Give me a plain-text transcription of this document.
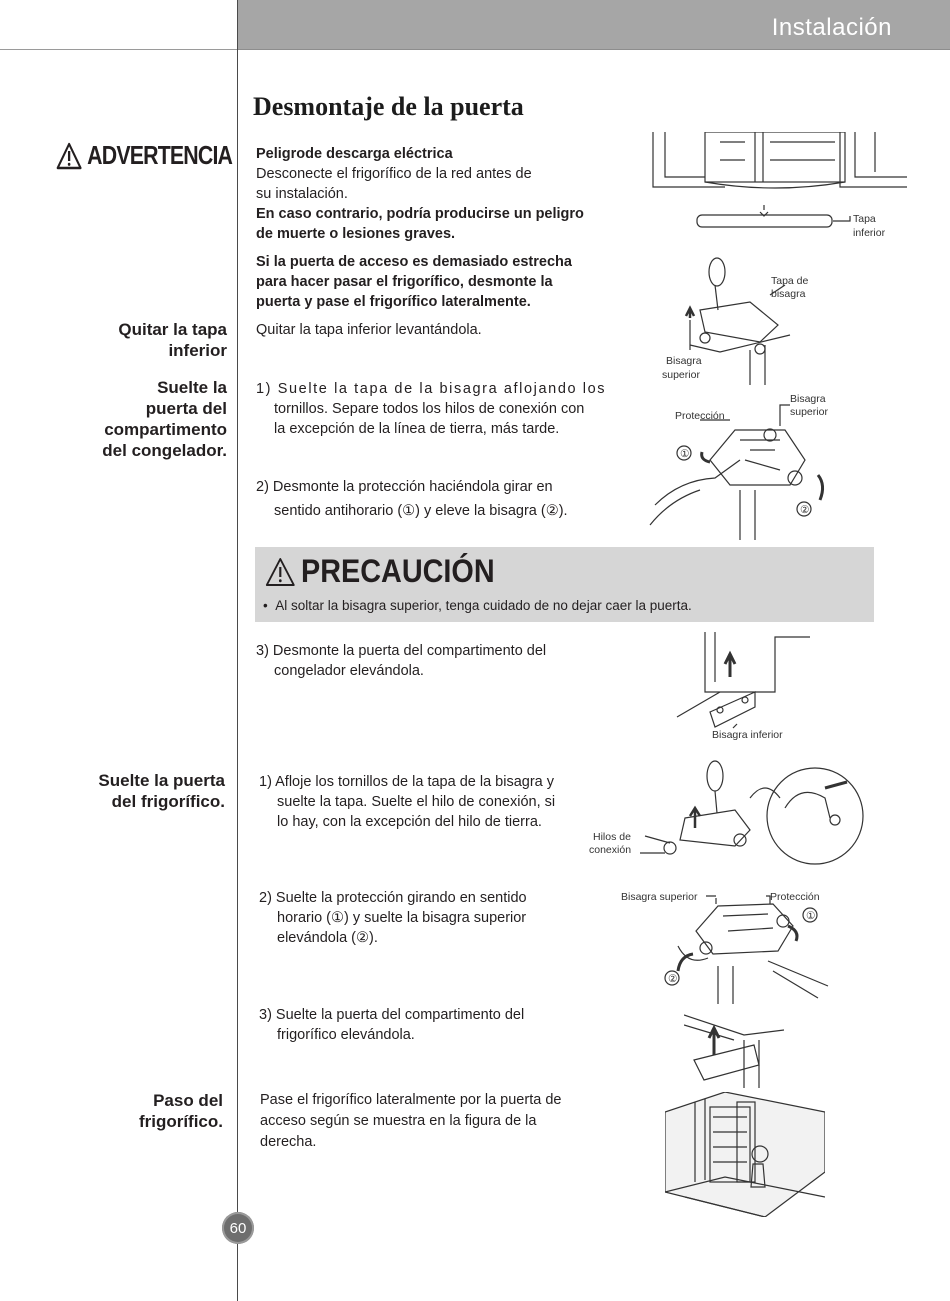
Instalación
Desmontaje de la puerta
ADVERTENCIA Peligrode descarga eléctrica
Desconecte el frigorífico de la red antes de
su instalación.
En caso contrario, podría producirse un peligro
de muerte o lesiones graves.
Si la puerta de acceso es demasiado estrecha
para hacer pasar el frigorífico, desmonte la
puerta y pase el frigorífico lateralmente.
Quitar la tapa
inferior
Quitar la tapa inferior levantándola.
Suelte la
puerta del
compartimento
del congelador.
1) Suelte la tapa de la bisagra aflojando los
tornillos. Separe todos los hilos de conexión con
la excepción de la línea de tierra, más tarde.
2) Desmonte la protección haciéndola girar en
sentido antihorario (①) y eleve la bisagra (②).
PRECAUCIÓN
•  Al soltar la bisagra superior, tenga cuidado de no dejar caer la puerta.
3) Desmonte la puerta del compartimento del
congelador elevándola.
Suelte la puerta
del frigorífico.
1) Afloje los tornillos de la tapa de la bisagra y
suelte la tapa. Suelte el hilo de conexión, si
lo hay, con la excepción del hilo de tierra.
2) Suelte la protección girando en sentido
horario (①) y suelte la bisagra superior
elevándola (②).
3) Suelte la puerta del compartimento del
frigorífico elevándola.
Paso del
frigorífico.
Pase el frigorífico lateralmente por la puerta de
acceso según se muestra en la figura de la
derecha.
Tapa
inferior
Tapa de
bisagra
Bisagra
superior
①
②
Protección
Bisagra
superior
Bisagra inferior
Hilos de
conexión
①
②
Bisagra superior	Protección
60
